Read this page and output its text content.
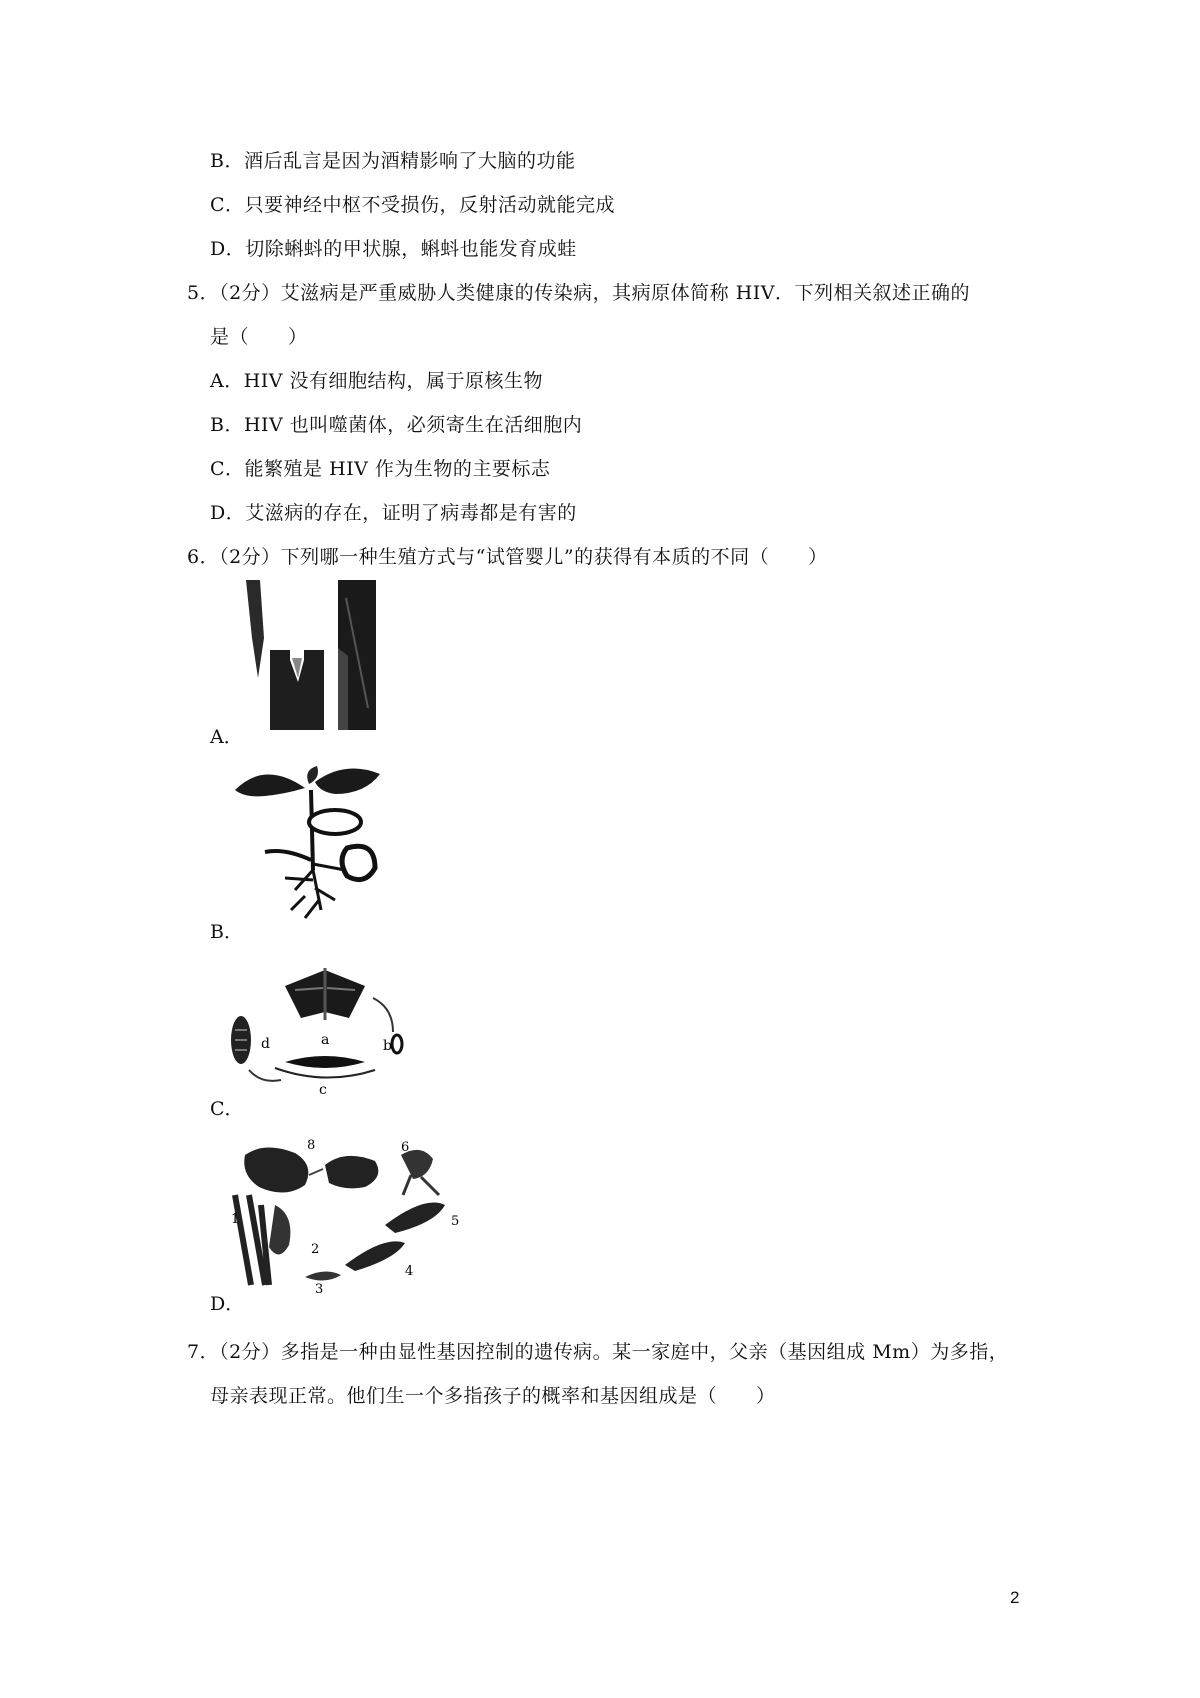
B．酒后乱言是因为酒精影响了大脑的功能
C．只要神经中枢不受损伤，反射活动就能完成
D．切除蝌蚪的甲状腺，蝌蚪也能发育成蛙
5．（2分）艾滋病是严重威胁人类健康的传染病，其病原体简称 HIV．下列相关叙述正确的
是（　　）
A．HIV 没有细胞结构，属于原核生物
B．HIV 也叫噬菌体，必须寄生在活细胞内
C．能繁殖是 HIV 作为生物的主要标志
D．艾滋病的存在，证明了病毒都是有害的
6．（2分）下列哪一种生殖方式与“试管婴儿”的获得有本质的不同（　　）
A．
B．
d	a	b
c
C．
1
2
3
4
5
6
8
D．
7．（2分）多指是一种由显性基因控制的遗传病。某一家庭中，父亲（基因组成 Mm）为多指，
母亲表现正常。他们生一个多指孩子的概率和基因组成是（　　）
2
